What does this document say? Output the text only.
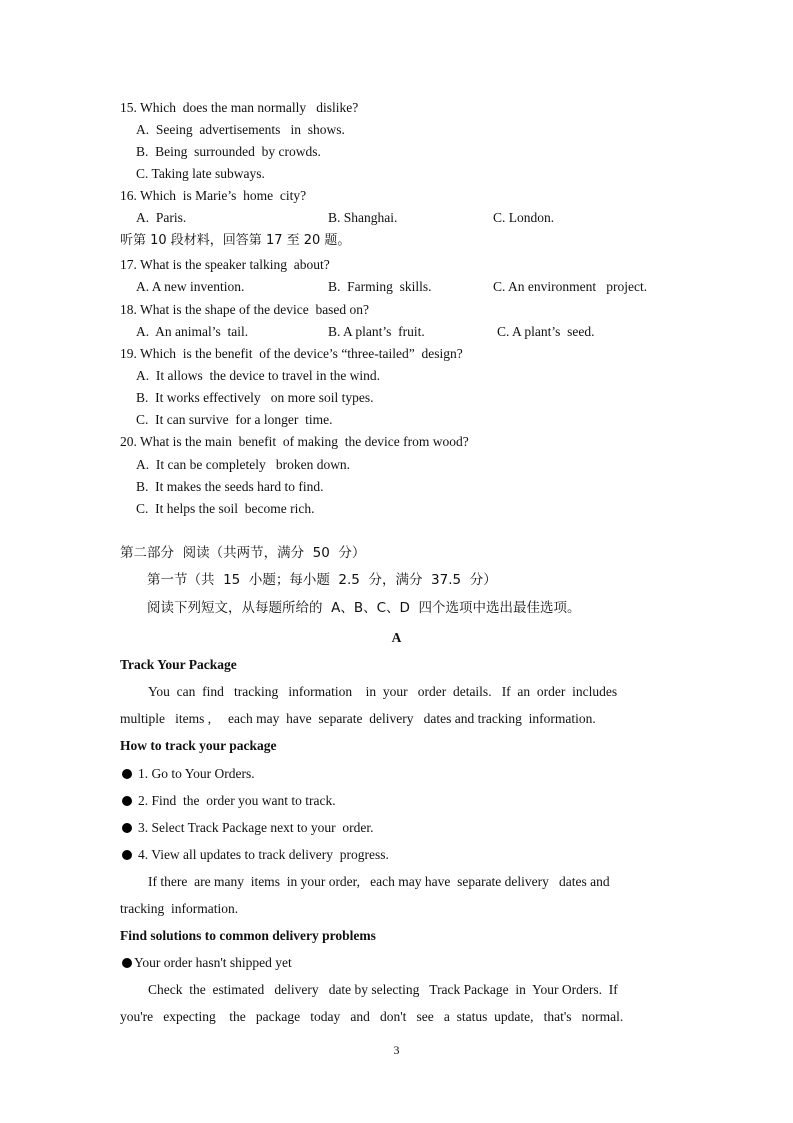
15. Which  does the man normally   dislike?
A.  Seeing  advertisements   in  shows.
B.  Being  surrounded  by crowds.
C. Taking late subways.
16. Which  is Marie’s  home  city?
A.  Paris.	B. Shanghai.	C. London.
听第 10 段材料，回答第 17 至 20 题。
17. What is the speaker talking  about?
A. A new invention.	B.  Farming  skills.	C. An environment   project.
18. What is the shape of the device  based on?
A.  An animal’s  tail.	B. A plant’s  fruit.	C. A plant’s  seed.
19. Which  is the benefit  of the device’s “three-tailed”  design?
A.  It allows  the device to travel in the wind.
B.  It works effectively   on more soil types.
C.  It can survive  for a longer  time.
20. What is the main  benefit  of making  the device from wood?
A.  It can be completely   broken down.
B.  It makes the seeds hard to find.
C.  It helps the soil  become rich.
第二部分  阅读（共两节，满分  50  分）
第一节（共  15  小题；每小题  2.5  分，满分  37.5  分）
阅读下列短文，从每题所给的  A、B、C、D  四个选项中选出最佳选项。
A
Track Your Package
You  can  find   tracking   information    in  your   order  details.   If  an  order  includes
multiple   items ,     each may  have  separate  delivery   dates and tracking  information.
How to track your package
1. Go to Your Orders.
2. Find  the  order you want to track.
3. Select Track Package next to your  order.
4. View all updates to track delivery  progress.
If there  are many  items  in your order,   each may have  separate delivery   dates and
tracking  information.
Find solutions to common delivery problems
Your order hasn't shipped yet
Check  the  estimated   delivery   date by selecting   Track Package  in  Your Orders.  If
you're   expecting    the   package   today   and   don't   see   a  status  update,   that's   normal.
3
